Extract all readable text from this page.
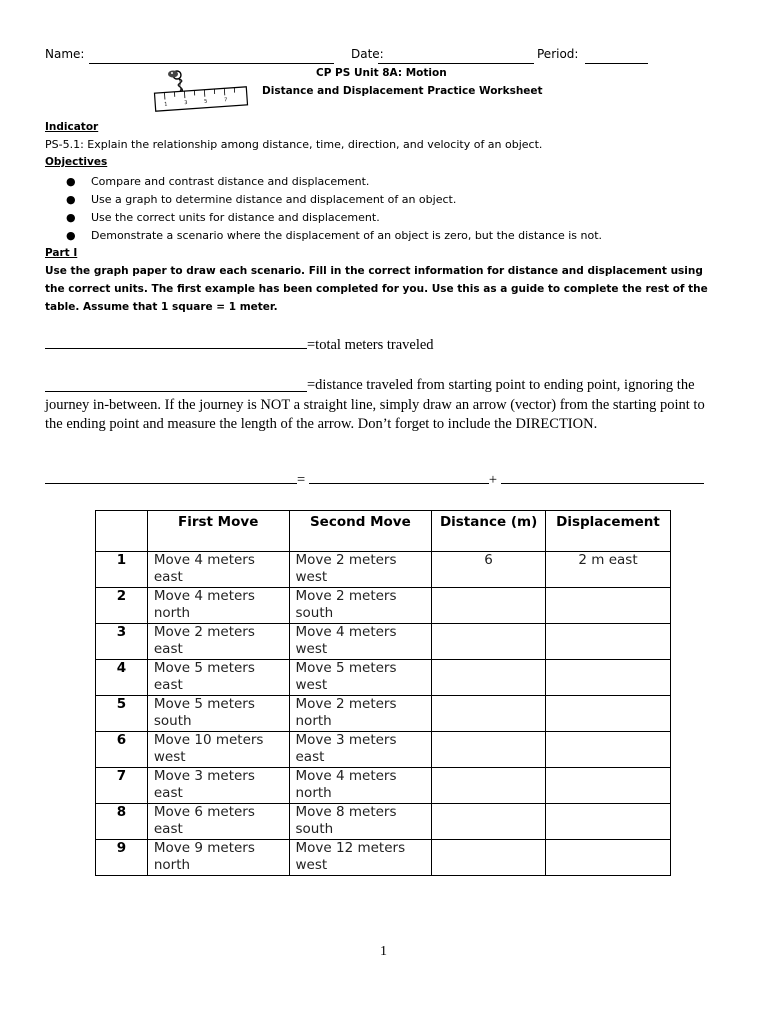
Name:	Date:	Period:
1	3	5	7
CP PS Unit 8A: Motion
Distance and Displacement Practice Worksheet
Indicator
PS-5.1: Explain the relationship among distance, time, direction, and velocity of an object.
Objectives
● Compare and contrast distance and displacement.
● Use a graph to determine distance and displacement of an object.
● Use the correct units for distance and displacement.
● Demonstrate a scenario where the displacement of an object is zero, but the distance is not.
Part I
Use the graph paper to draw each scenario. Fill in the correct information for distance and displacement using the correct units. The first example has been completed for you. Use this as a guide to complete the rest of the table. Assume that 1 square = 1 meter.
=total meters traveled
=distance traveled from starting point to ending point, ignoring the journey in-between. If the journey is NOT a straight line, simply draw an arrow (vector) from the starting point to the ending point and measure the length of the arrow. Don’t forget to include the DIRECTION.
=	+
	First Move	Second Move	Distance (m)	Displacement
1	Move 4 meters east	Move 2 meters west	6	2 m east
2	Move 4 meters north	Move 2 meters south		
3	Move 2 meters east	Move 4 meters west		
4	Move 5 meters east	Move 5 meters west		
5	Move 5 meters south	Move 2 meters north		
6	Move 10 meters west	Move 3 meters east		
7	Move 3 meters east	Move 4 meters north		
8	Move 6 meters east	Move 8 meters south		
9	Move 9 meters north	Move 12 meters west		
1
